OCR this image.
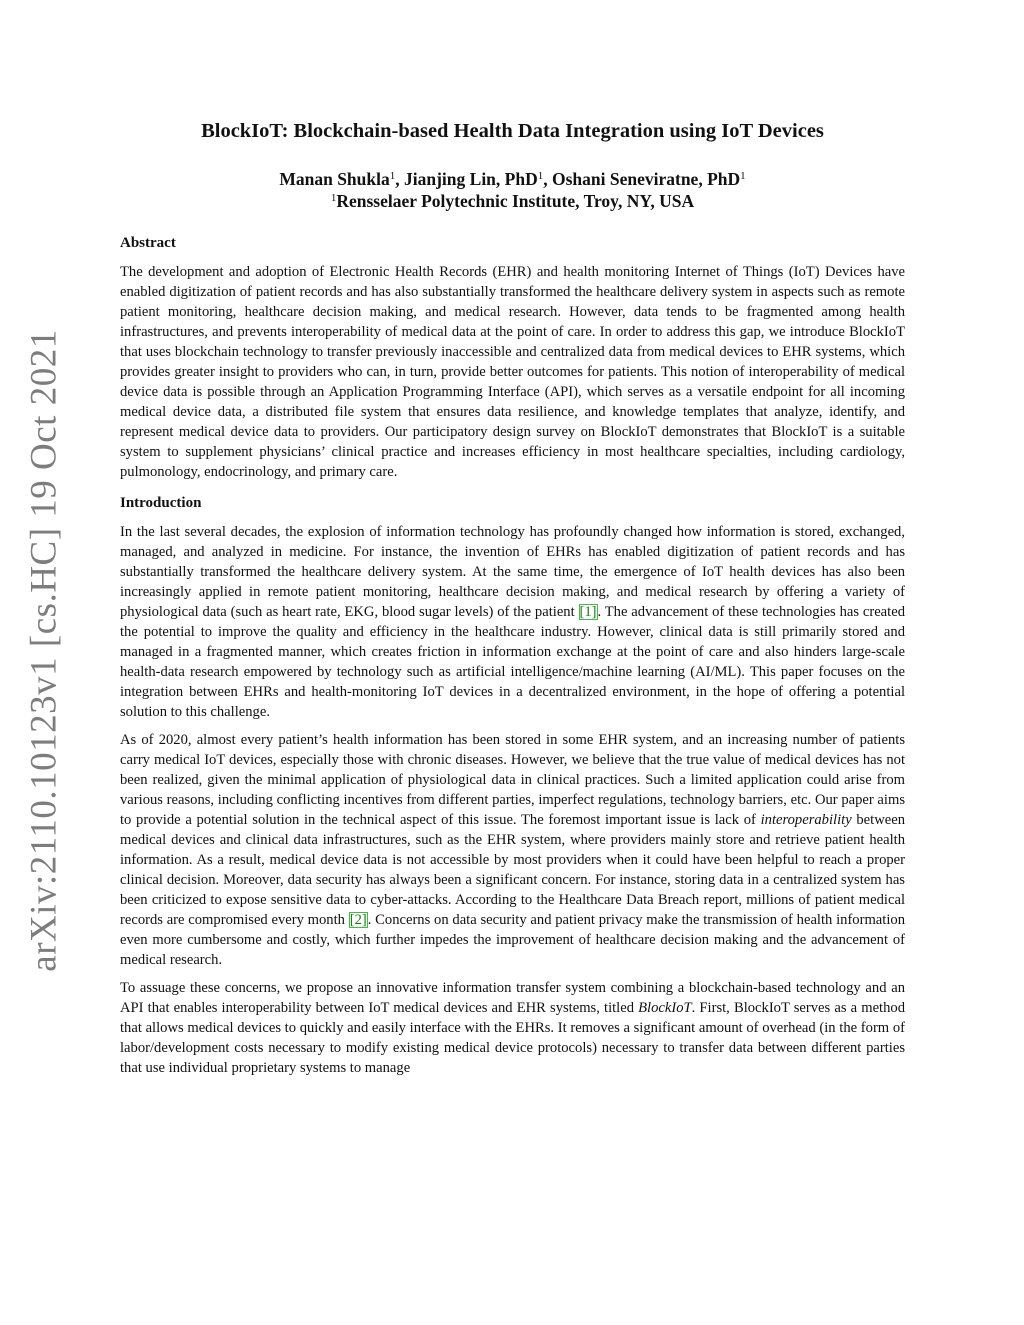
arXiv:2110.10123v1 [cs.HC] 19 Oct 2021
BlockIoT: Blockchain-based Health Data Integration using IoT Devices
Manan Shukla$^1$, Jianjing Lin, PhD$^1$, Oshani Seneviratne, PhD$^1$
$^1$Rensselaer Polytechnic Institute, Troy, NY, USA
Abstract

The development and adoption of Electronic Health Records (EHR) and health monitoring Internet of Things (IoT) Devices have enabled digitization of patient records and has also substantially transformed the healthcare delivery system in aspects such as remote patient monitoring, healthcare decision making, and medical research. However, data tends to be fragmented among health infrastructures, and prevents interoperability of medical data at the point of care. In order to address this gap, we introduce BlockIoT that uses blockchain technology to transfer previously inaccessible and centralized data from medical devices to EHR systems, which provides greater insight to providers who can, in turn, provide better outcomes for patients. This notion of interoperability of medical device data is possible through an Application Programming Interface (API), which serves as a versatile endpoint for all incoming medical device data, a distributed file system that ensures data resilience, and knowledge templates that analyze, identify, and represent medical device data to providers. Our participatory design survey on BlockIoT demonstrates that BlockIoT is a suitable system to supplement physicians’ clinical practice and increases efficiency in most healthcare specialties, including cardiology, pulmonology, endocrinology, and primary care.

Introduction

In the last several decades, the explosion of information technology has profoundly changed how information is stored, exchanged, managed, and analyzed in medicine. For instance, the invention of EHRs has enabled digitization of patient records and has substantially transformed the healthcare delivery system. At the same time, the emergence of IoT health devices has also been increasingly applied in remote patient monitoring, healthcare decision making, and medical research by offering a variety of physiological data (such as heart rate, EKG, blood sugar levels) of the patient [1]. The advancement of these technologies has created the potential to improve the quality and efficiency in the healthcare industry. However, clinical data is still primarily stored and managed in a fragmented manner, which creates friction in information exchange at the point of care and also hinders large-scale health-data research empowered by technology such as artificial intelligence/machine learning (AI/ML). This paper focuses on the integration between EHRs and health-monitoring IoT devices in a decentralized environment, in the hope of offering a potential solution to this challenge.

As of 2020, almost every patient’s health information has been stored in some EHR system, and an increasing number of patients carry medical IoT devices, especially those with chronic diseases. However, we believe that the true value of medical devices has not been realized, given the minimal application of physiological data in clinical practices. Such a limited application could arise from various reasons, including conflicting incentives from different parties, imperfect regulations, technology barriers, etc. Our paper aims to provide a potential solution in the technical aspect of this issue. The foremost important issue is lack of interoperability between medical devices and clinical data infrastructures, such as the EHR system, where providers mainly store and retrieve patient health information. As a result, medical device data is not accessible by most providers when it could have been helpful to reach a proper clinical decision. Moreover, data security has always been a significant concern. For instance, storing data in a centralized system has been criticized to expose sensitive data to cyber-attacks. According to the Healthcare Data Breach report, millions of patient medical records are compromised every month [2]. Concerns on data security and patient privacy make the transmission of health information even more cumbersome and costly, which further impedes the improvement of healthcare decision making and the advancement of medical research.

To assuage these concerns, we propose an innovative information transfer system combining a blockchain-based technology and an API that enables interoperability between IoT medical devices and EHR systems, titled BlockIoT. First, BlockIoT serves as a method that allows medical devices to quickly and easily interface with the EHRs. It removes a significant amount of overhead (in the form of labor/development costs necessary to modify existing medical device protocols) necessary to transfer data between different parties that use individual proprietary systems to manage
